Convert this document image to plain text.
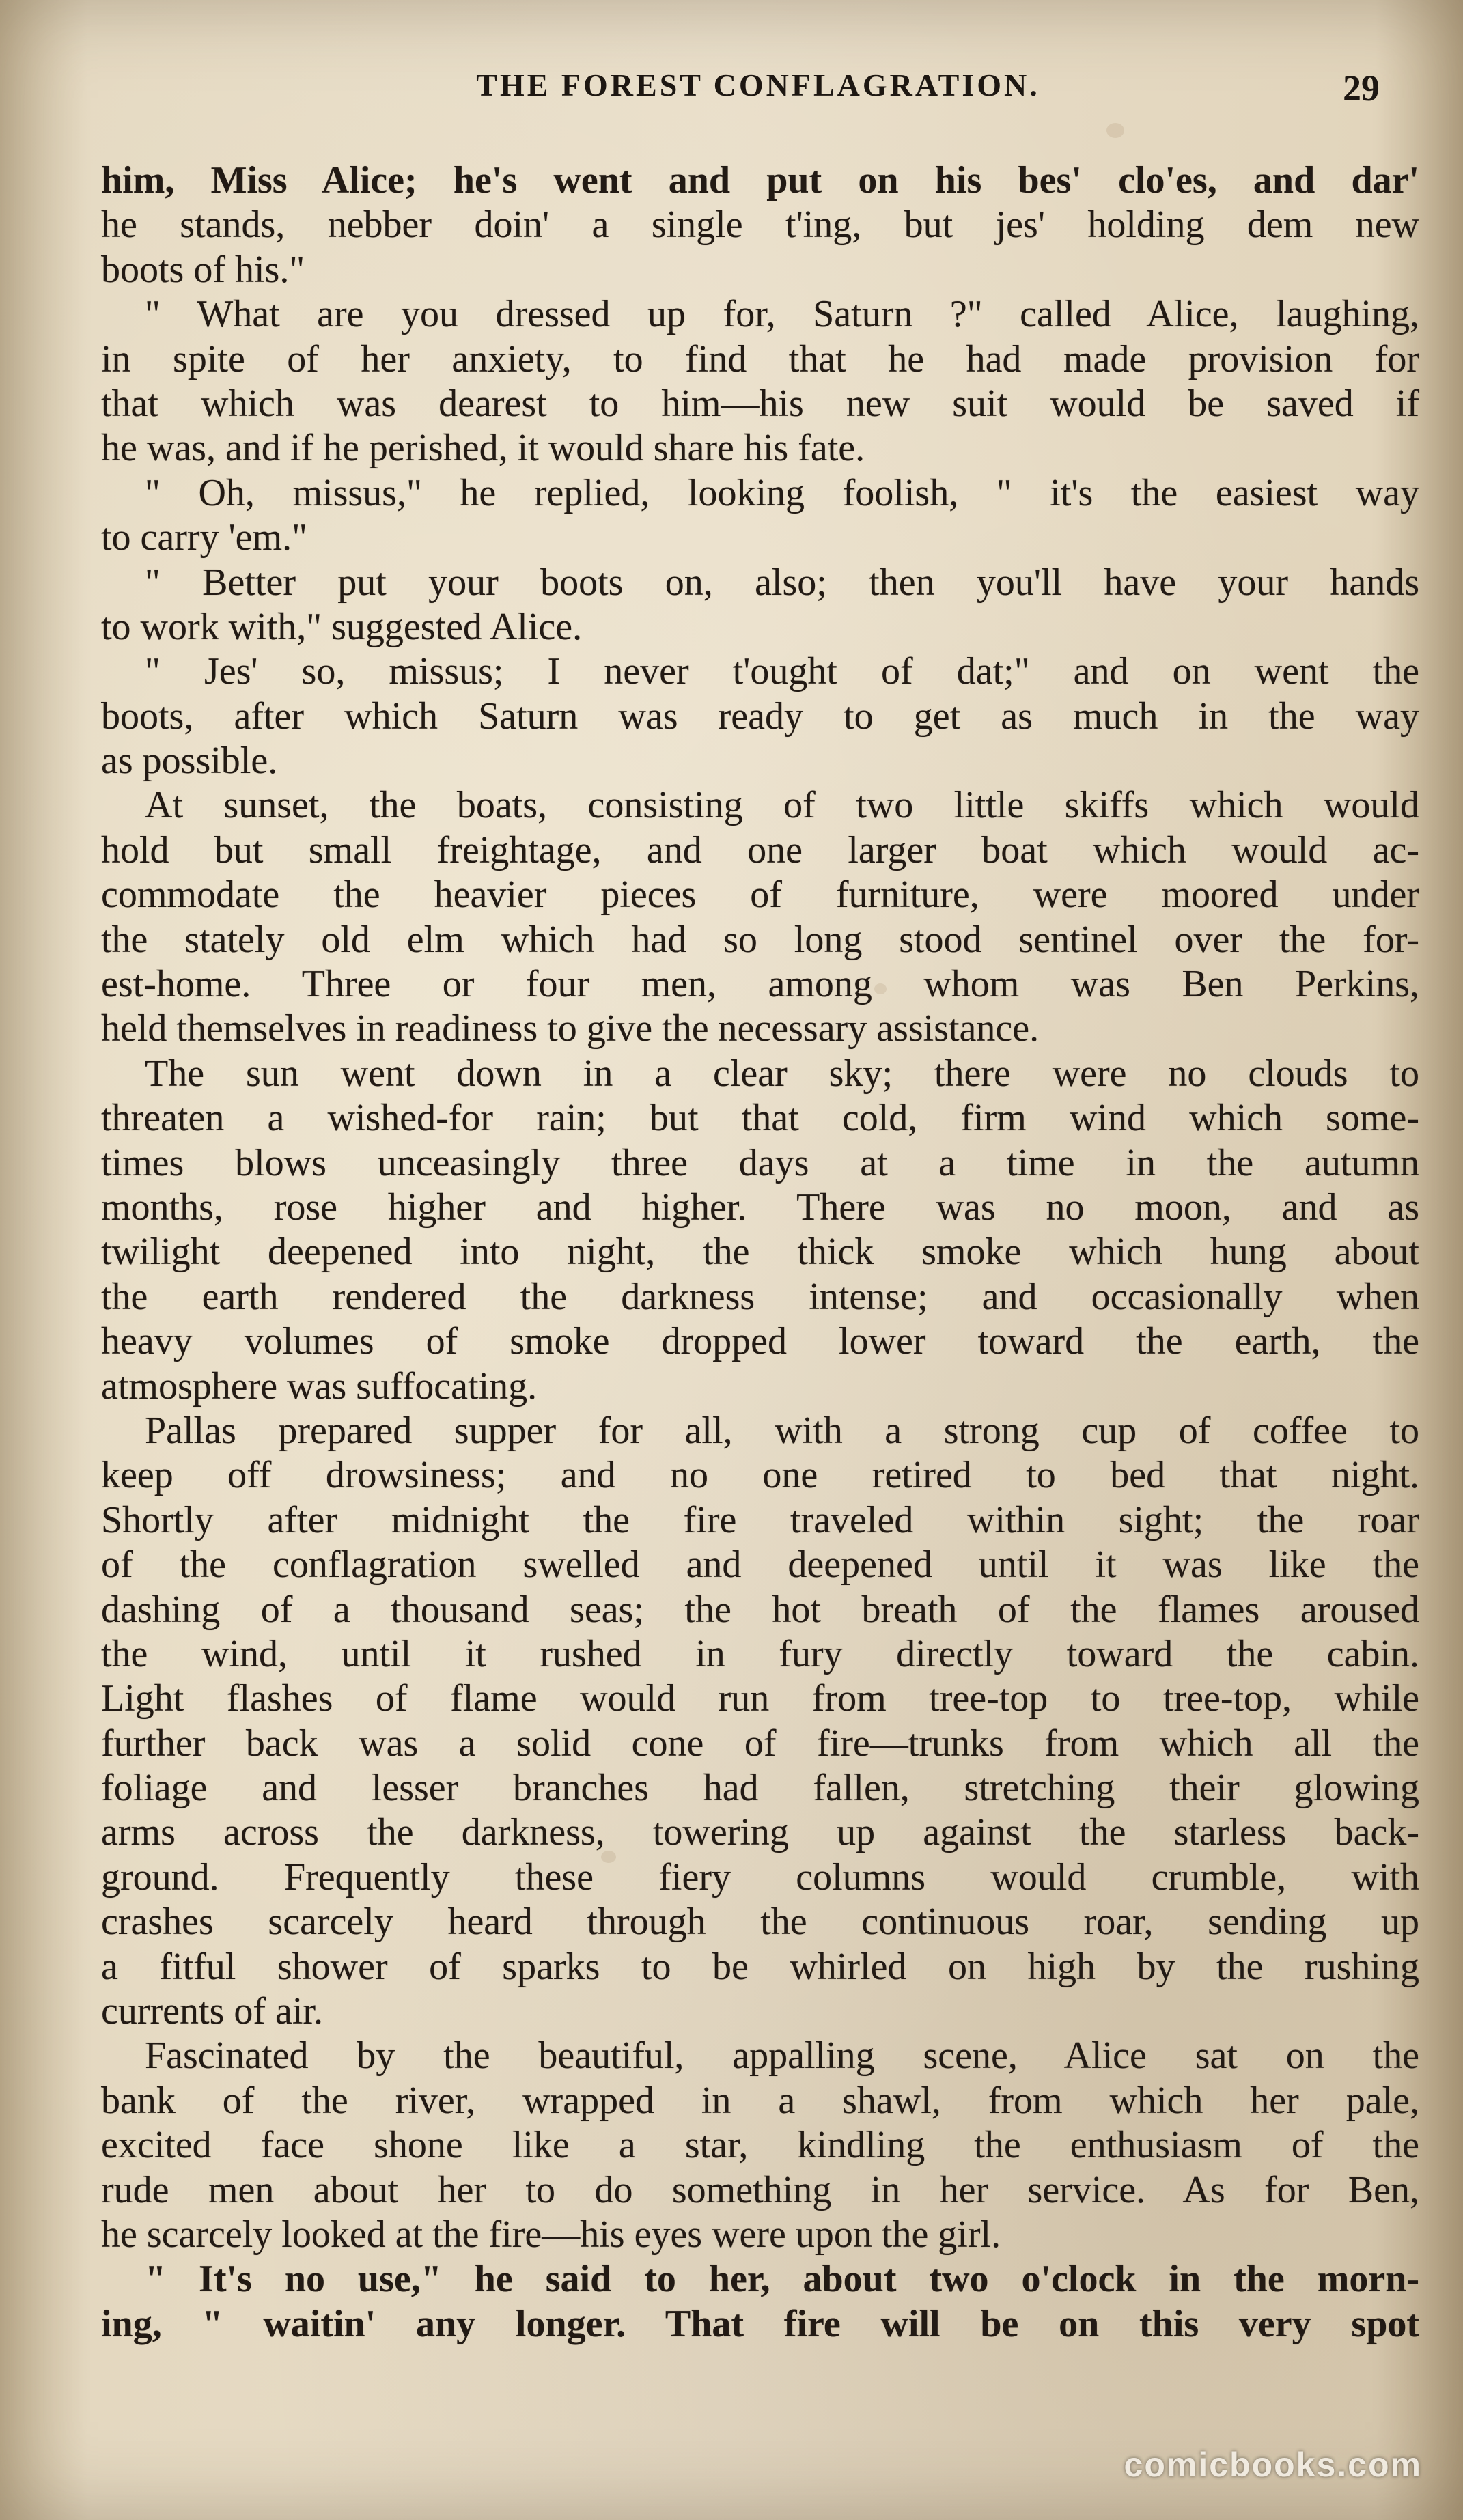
THE FOREST CONFLAGRATION.	29
him, Miss Alice; he's went and put on his bes' clo'es, and dar'
he stands, nebber doin' a single t'ing, but jes' holding dem new
boots of his."
" What are you dressed up for, Saturn ?" called Alice, laughing,
in spite of her anxiety, to find that he had made provision for
that which was dearest to him—his new suit would be saved if
he was, and if he perished, it would share his fate.
" Oh, missus," he replied, looking foolish, " it's the easiest way
to carry 'em."
" Better put your boots on, also; then you'll have your hands
to work with," suggested Alice.
" Jes' so, missus; I never t'ought of dat;" and on went the
boots, after which Saturn was ready to get as much in the way
as possible.
At sunset, the boats, consisting of two little skiffs which would
hold but small freightage, and one larger boat which would ac-
commodate the heavier pieces of furniture, were moored under
the stately old elm which had so long stood sentinel over the for-
est-home. Three or four men, among whom was Ben Perkins,
held themselves in readiness to give the necessary assistance.
The sun went down in a clear sky; there were no clouds to
threaten a wished-for rain; but that cold, firm wind which some-
times blows unceasingly three days at a time in the autumn
months, rose higher and higher. There was no moon, and as
twilight deepened into night, the thick smoke which hung about
the earth rendered the darkness intense; and occasionally when
heavy volumes of smoke dropped lower toward the earth, the
atmosphere was suffocating.
Pallas prepared supper for all, with a strong cup of coffee to
keep off drowsiness; and no one retired to bed that night.
Shortly after midnight the fire traveled within sight; the roar
of the conflagration swelled and deepened until it was like the
dashing of a thousand seas; the hot breath of the flames aroused
the wind, until it rushed in fury directly toward the cabin.
Light flashes of flame would run from tree-top to tree-top, while
further back was a solid cone of fire—trunks from which all the
foliage and lesser branches had fallen, stretching their glowing
arms across the darkness, towering up against the starless back-
ground. Frequently these fiery columns would crumble, with
crashes scarcely heard through the continuous roar, sending up
a fitful shower of sparks to be whirled on high by the rushing
currents of air.
Fascinated by the beautiful, appalling scene, Alice sat on the
bank of the river, wrapped in a shawl, from which her pale,
excited face shone like a star, kindling the enthusiasm of the
rude men about her to do something in her service. As for Ben,
he scarcely looked at the fire—his eyes were upon the girl.
" It's no use," he said to her, about two o'clock in the morn-
ing, " waitin' any longer. That fire will be on this very spot
comicbooks.com
